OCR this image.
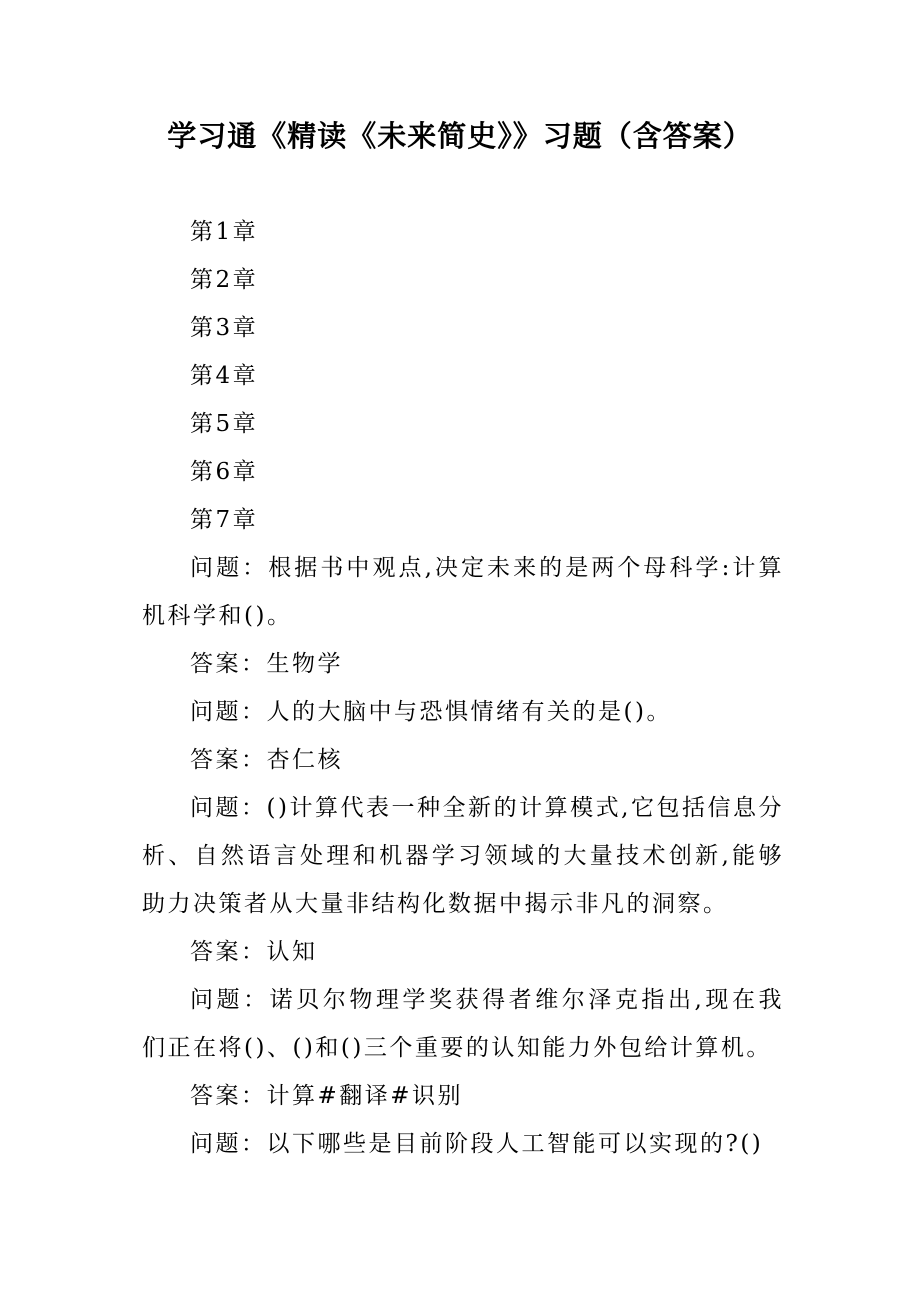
学习通《精读《未来简史》》习题（含答案）

第1章

第2章

第3章

第4章

第5章

第6章

第7章

问题：根据书中观点,决定未来的是两个母科学:计算机科学和()。

答案：生物学

问题：人的大脑中与恐惧情绪有关的是()。

答案：杏仁核

问题：()计算代表一种全新的计算模式,它包括信息分析、自然语言处理和机器学习领域的大量技术创新,能够助力决策者从大量非结构化数据中揭示非凡的洞察。

答案：认知

问题：诺贝尔物理学奖获得者维尔泽克指出,现在我们正在将()、()和()三个重要的认知能力外包给计算机。

答案：计算#翻译#识别

问题：以下哪些是目前阶段人工智能可以实现的?()
